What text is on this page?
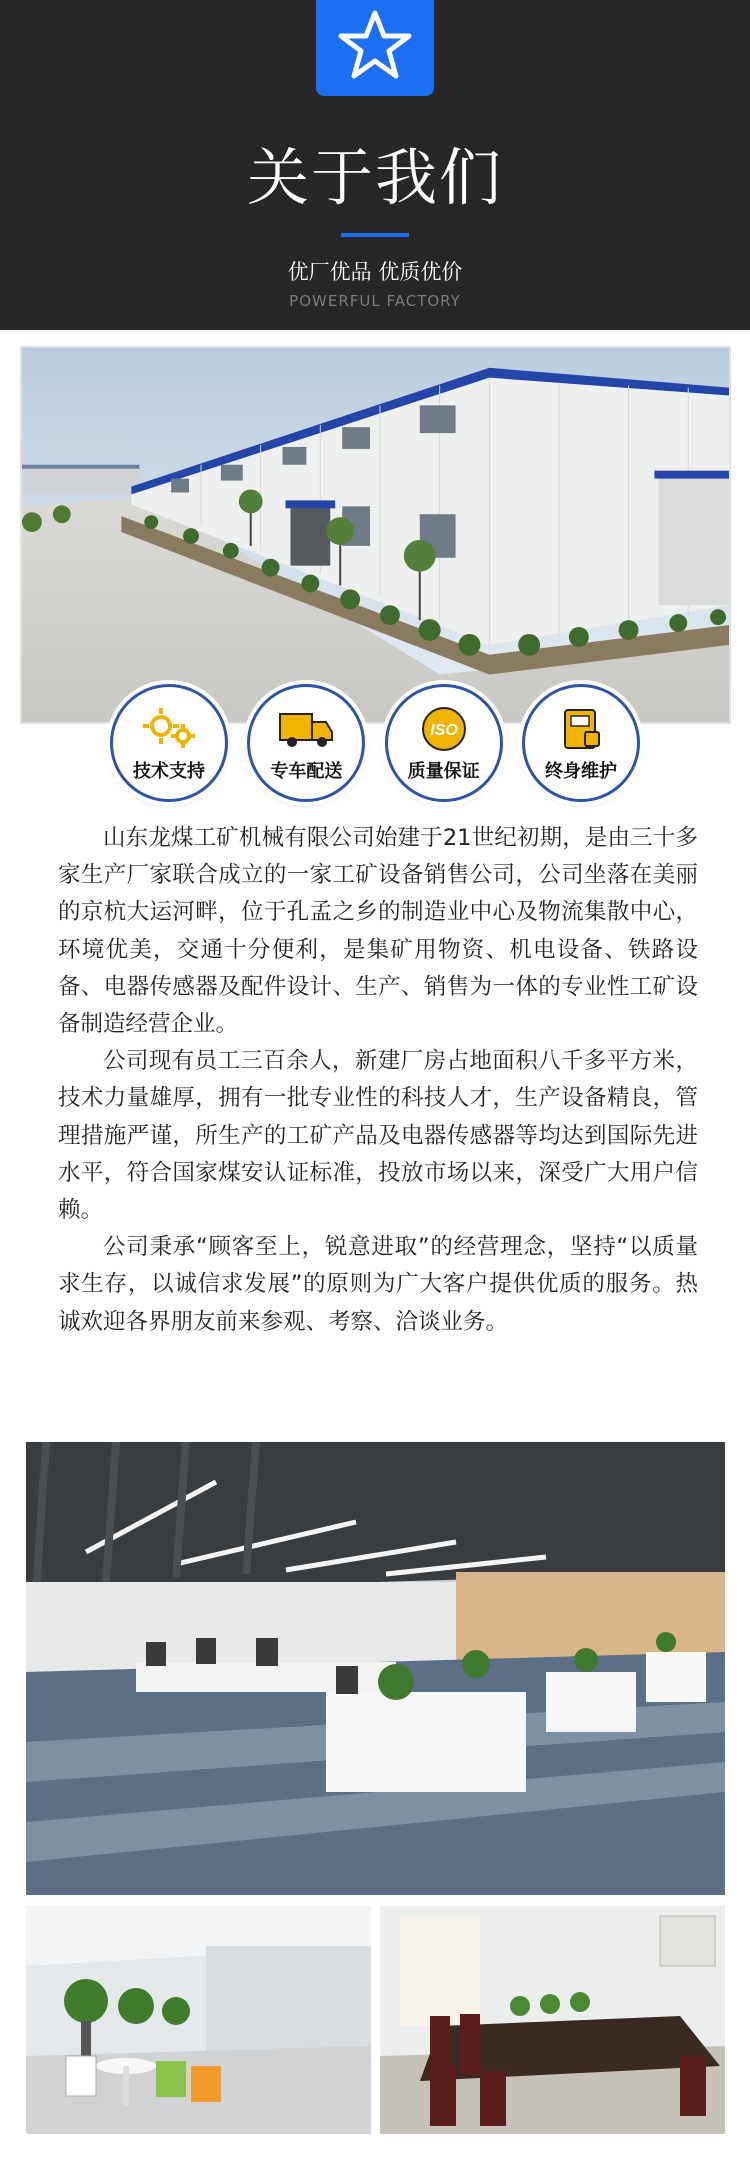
关于我们
优厂优品 优质优价
POWERFUL FACTORY
技术支持	专车配送
ISO
质量保证	终身维护

山东龙煤工矿机械有限公司始建于21世纪初期，是由三十多家生产厂家联合成立的一家工矿设备销售公司，公司坐落在美丽的京杭大运河畔，位于孔孟之乡的制造业中心及物流集散中心，环境优美，交通十分便利，是集矿用物资、机电设备、铁路设备、电器传感器及配件设计、生产、销售为一体的专业性工矿设备制造经营企业。

公司现有员工三百余人，新建厂房占地面积八千多平方米，技术力量雄厚，拥有一批专业性的科技人才，生产设备精良，管理措施严谨，所生产的工矿产品及电器传感器等均达到国际先进水平，符合国家煤安认证标准，投放市场以来，深受广大用户信赖。

公司秉承“顾客至上，锐意进取”的经营理念，坚持“以质量求生存，以诚信求发展”的原则为广大客户提供优质的服务。热诚欢迎各界朋友前来参观、考察、洽谈业务。
